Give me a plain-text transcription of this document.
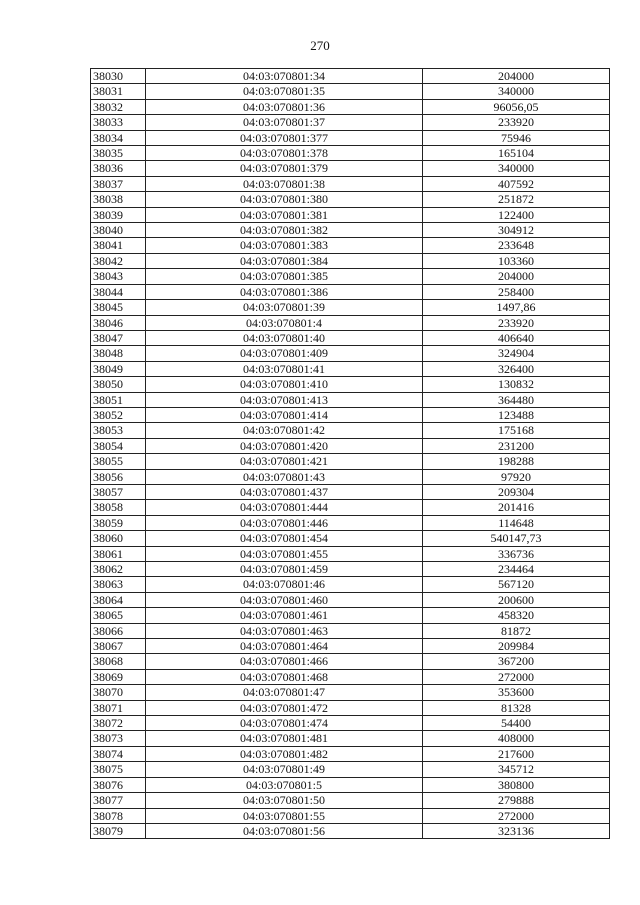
270
38030	04:03:070801:34	204000
38031	04:03:070801:35	340000
38032	04:03:070801:36	96056,05
38033	04:03:070801:37	233920
38034	04:03:070801:377	75946
38035	04:03:070801:378	165104
38036	04:03:070801:379	340000
38037	04:03:070801:38	407592
38038	04:03:070801:380	251872
38039	04:03:070801:381	122400
38040	04:03:070801:382	304912
38041	04:03:070801:383	233648
38042	04:03:070801:384	103360
38043	04:03:070801:385	204000
38044	04:03:070801:386	258400
38045	04:03:070801:39	1497,86
38046	04:03:070801:4	233920
38047	04:03:070801:40	406640
38048	04:03:070801:409	324904
38049	04:03:070801:41	326400
38050	04:03:070801:410	130832
38051	04:03:070801:413	364480
38052	04:03:070801:414	123488
38053	04:03:070801:42	175168
38054	04:03:070801:420	231200
38055	04:03:070801:421	198288
38056	04:03:070801:43	97920
38057	04:03:070801:437	209304
38058	04:03:070801:444	201416
38059	04:03:070801:446	114648
38060	04:03:070801:454	540147,73
38061	04:03:070801:455	336736
38062	04:03:070801:459	234464
38063	04:03:070801:46	567120
38064	04:03:070801:460	200600
38065	04:03:070801:461	458320
38066	04:03:070801:463	81872
38067	04:03:070801:464	209984
38068	04:03:070801:466	367200
38069	04:03:070801:468	272000
38070	04:03:070801:47	353600
38071	04:03:070801:472	81328
38072	04:03:070801:474	54400
38073	04:03:070801:481	408000
38074	04:03:070801:482	217600
38075	04:03:070801:49	345712
38076	04:03:070801:5	380800
38077	04:03:070801:50	279888
38078	04:03:070801:55	272000
38079	04:03:070801:56	323136
